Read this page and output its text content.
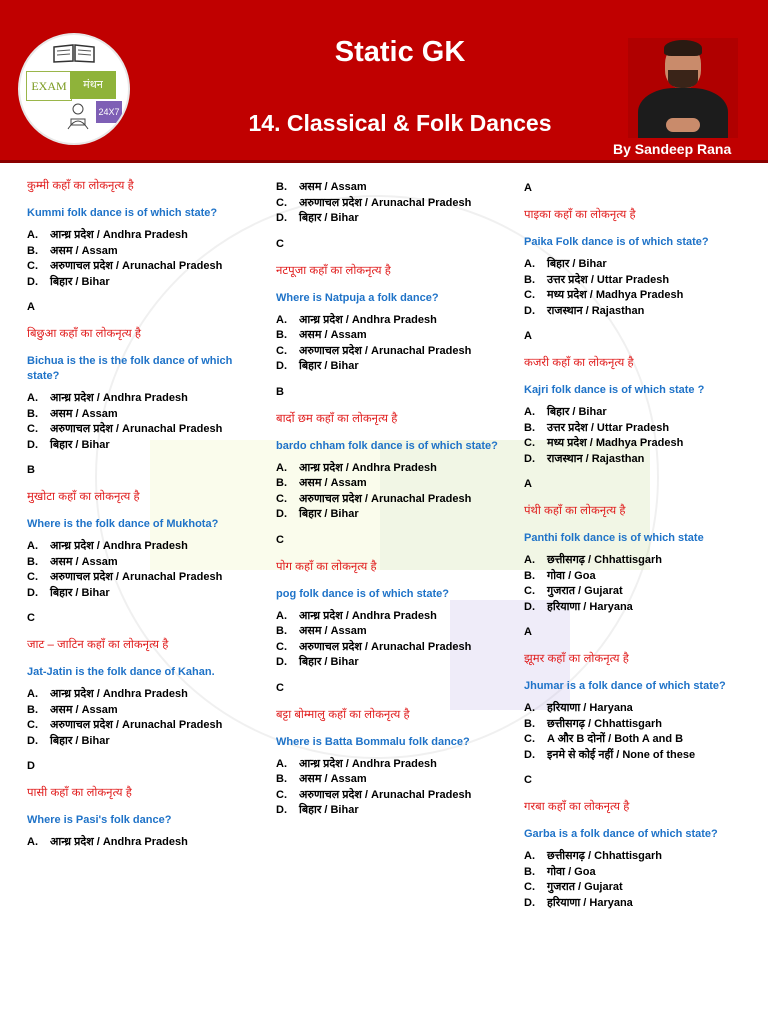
EXAM	मंथन
24X7
Static GK
14. Classical & Folk Dances
By Sandeep Rana

कुम्मी कहाँ का लोकनृत्य है

Kummi folk dance is of which state?

A.	आन्ध्र प्रदेश / Andhra Pradesh
B.	असम / Assam
C.	अरुणाचल प्रदेश / Arunachal Pradesh
D.	बिहार / Bihar

A

बिछुआ कहाँ का लोकनृत्य है

Bichua is the is the folk dance of which state?

A.	आन्ध्र प्रदेश / Andhra Pradesh
B.	असम / Assam
C.	अरुणाचल प्रदेश / Arunachal Pradesh
D.	बिहार / Bihar

B

मुखोटा कहाँ का लोकनृत्य है

Where is the folk dance of Mukhota?

A.	आन्ध्र प्रदेश / Andhra Pradesh
B.	असम / Assam
C.	अरुणाचल प्रदेश / Arunachal Pradesh
D.	बिहार / Bihar

C

जाट – जाटिन कहाँ का लोकनृत्य है

Jat-Jatin is the folk dance of Kahan.

A.	आन्ध्र प्रदेश / Andhra Pradesh
B.	असम / Assam
C.	अरुणाचल प्रदेश / Arunachal Pradesh
D.	बिहार / Bihar

D

पासी कहाँ का लोकनृत्य है

Where is Pasi's folk dance?

A.	आन्ध्र प्रदेश / Andhra Pradesh
B.	असम / Assam
C.	अरुणाचल प्रदेश / Arunachal Pradesh
D.	बिहार / Bihar

C

नटपूजा कहाँ का लोकनृत्य है

Where is Natpuja a folk dance?

A.	आन्ध्र प्रदेश / Andhra Pradesh
B.	असम / Assam
C.	अरुणाचल प्रदेश / Arunachal Pradesh
D.	बिहार / Bihar

B

बार्दो छम कहाँ का लोकनृत्य है

bardo chham folk dance is of which state?

A.	आन्ध्र प्रदेश / Andhra Pradesh
B.	असम / Assam
C.	अरुणाचल प्रदेश / Arunachal Pradesh
D.	बिहार / Bihar

C

पोग कहाँ का लोकनृत्य है

pog folk dance is of which state?

A.	आन्ध्र प्रदेश / Andhra Pradesh
B.	असम / Assam
C.	अरुणाचल प्रदेश / Arunachal Pradesh
D.	बिहार / Bihar

C

बट्टा बोम्मालु कहाँ का लोकनृत्य है

Where is Batta Bommalu folk dance?

A.	आन्ध्र प्रदेश / Andhra Pradesh
B.	असम / Assam
C.	अरुणाचल प्रदेश / Arunachal Pradesh
D.	बिहार / Bihar

A

पाइका कहाँ का लोकनृत्य है

Paika Folk dance is of which state?

A.	बिहार / Bihar
B.	उत्तर प्रदेश / Uttar Pradesh
C.	मध्य प्रदेश / Madhya Pradesh
D.	राजस्थान / Rajasthan

A

कजरी कहाँ का लोकनृत्य है

Kajri folk dance is of which state ?

A.	बिहार / Bihar
B.	उत्तर प्रदेश / Uttar Pradesh
C.	मध्य प्रदेश / Madhya Pradesh
D.	राजस्थान / Rajasthan

A

पंथी कहाँ का लोकनृत्य है

Panthi folk dance is of which state

A.	छत्तीसगढ़ / Chhattisgarh
B.	गोवा / Goa
C.	गुजरात / Gujarat
D.	हरियाणा / Haryana

A

झूमर कहाँ का लोकनृत्य है

Jhumar is a folk dance of which state?

A.	हरियाणा / Haryana
B.	छत्तीसगढ़ / Chhattisgarh
C.	A और B दोनों / Both A and B
D.	इनमे से कोई नहीं / None of these

C

गरबा कहाँ का लोकनृत्य है

Garba is a folk dance of which state?

A.	छत्तीसगढ़ / Chhattisgarh
B.	गोवा / Goa
C.	गुजरात / Gujarat
D.	हरियाणा / Haryana
